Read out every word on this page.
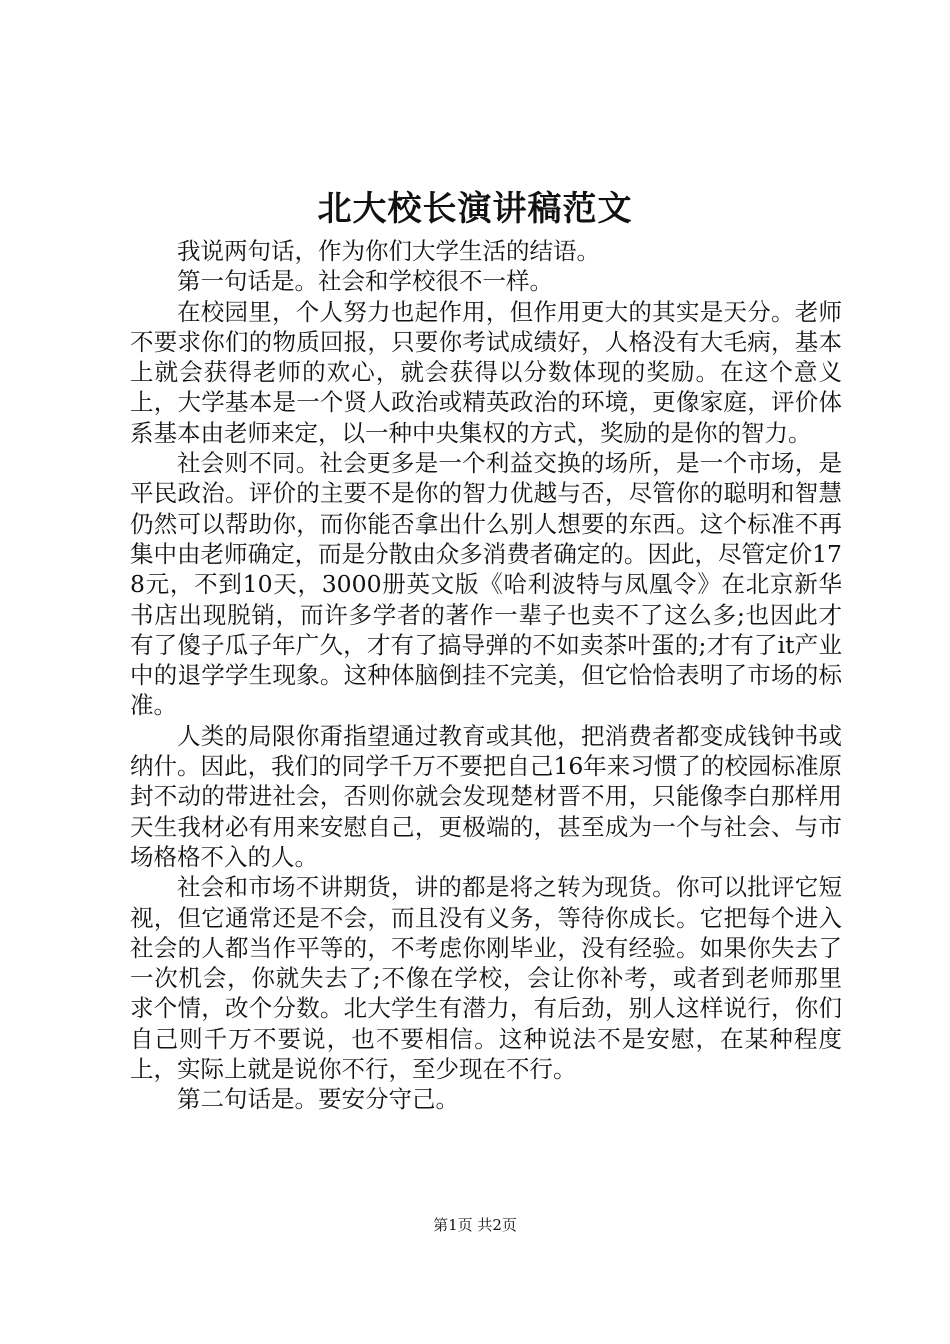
北大校长演讲稿范文

我说两句话，作为你们大学生活的结语。

第一句话是。社会和学校很不一样。

在校园里，个人努力也起作用，但作用更大的其实是天分。老师不要求你们的物质回报，只要你考试成绩好，人格没有大毛病，基本上就会获得老师的欢心，就会获得以分数体现的奖励。在这个意义上，大学基本是一个贤人政治或精英政治的环境，更像家庭，评价体系基本由老师来定，以一种中央集权的方式，奖励的是你的智力。

社会则不同。社会更多是一个利益交换的场所，是一个市场，是平民政治。评价的主要不是你的智力优越与否，尽管你的聪明和智慧仍然可以帮助你，而你能否拿出什么别人想要的东西。这个标准不再集中由老师确定，而是分散由众多消费者确定的。因此，尽管定价178元，不到10天，3000册英文版《哈利波特与凤凰令》在北京新华书店出现脱销，而许多学者的著作一辈子也卖不了这么多;也因此才有了傻子瓜子年广久，才有了搞导弹的不如卖茶叶蛋的;才有了it产业中的退学学生现象。这种体脑倒挂不完美，但它恰恰表明了市场的标准。

人类的局限你甭指望通过教育或其他，把消费者都变成钱钟书或纳什。因此，我们的同学千万不要把自己16年来习惯了的校园标准原封不动的带进社会，否则你就会发现楚材晋不用，只能像李白那样用天生我材必有用来安慰自己，更极端的，甚至成为一个与社会、与市场格格不入的人。

社会和市场不讲期货，讲的都是将之转为现货。你可以批评它短视，但它通常还是不会，而且没有义务，等待你成长。它把每个进入社会的人都当作平等的，不考虑你刚毕业，没有经验。如果你失去了一次机会，你就失去了;不像在学校，会让你补考，或者到老师那里求个情，改个分数。北大学生有潜力，有后劲，别人这样说行，你们自己则千万不要说，也不要相信。这种说法不是安慰，在某种程度上，实际上就是说你不行，至少现在不行。

第二句话是。要安分守己。

第1页 共2页
